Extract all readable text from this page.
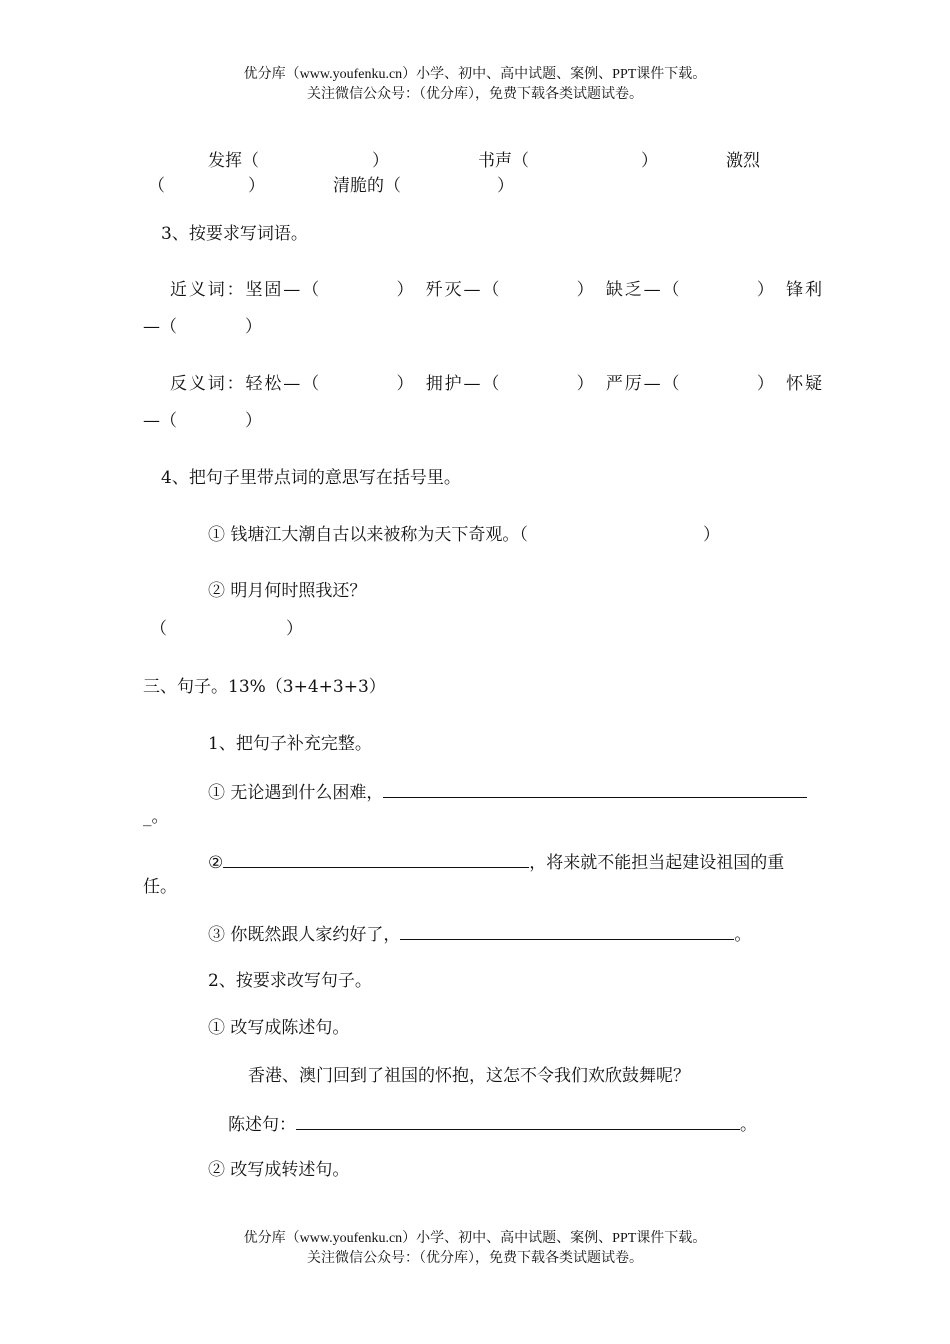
优分库（www.youfenku.cn）小学、初中、高中试题、案例、PPT课件下载。
关注微信公众号：（优分库），免费下载各类试题试卷。
发挥（	）	书声（	）	激烈
（	）	清脆的（	）
3、按要求写词语。
近义词：坚固—（　　　　）　歼灭—（　　　　）　缺乏—（　　　　）　锋利
—（　　　　）
反义词：轻松—（　　　　）　拥护—（　　　　）　严厉—（　　　　）　怀疑
—（　　　　）
4、把句子里带点词的意思写在括号里。
① 钱塘江大潮自古以来被称为天下奇观。（	）
② 明月何时照我还？
（	）
三、句子。13%（3+4+3+3）
1、把句子补充完整。
① 无论遇到什么困难，
_。
②	，将来就不能担当起建设祖国的重
任。
③ 你既然跟人家约好了，	。
2、按要求改写句子。
① 改写成陈述句。
香港、澳门回到了祖国的怀抱，这怎不令我们欢欣鼓舞呢？
陈述句：	。
② 改写成转述句。
优分库（www.youfenku.cn）小学、初中、高中试题、案例、PPT课件下载。
关注微信公众号：（优分库），免费下载各类试题试卷。
